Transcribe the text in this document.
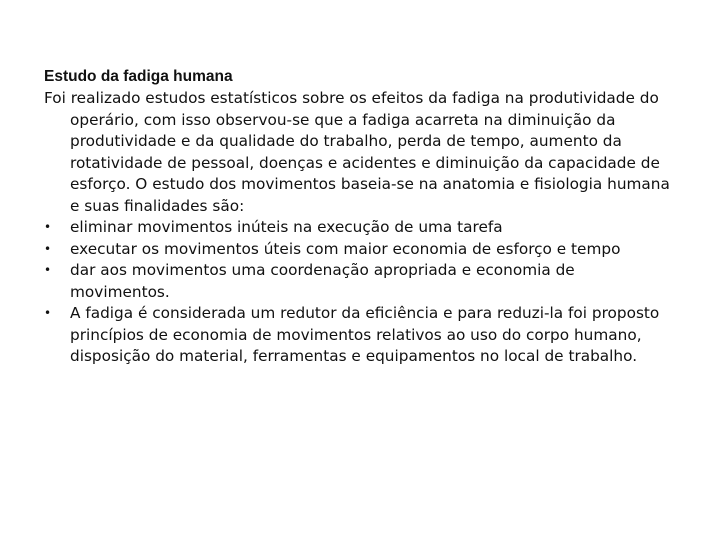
Estudo da fadiga humana

Foi realizado estudos estatísticos sobre os efeitos da fadiga na produtividade do operário, com isso observou-se que a fadiga acarreta na diminuição da produtividade e da qualidade do trabalho, perda de tempo, aumento da rotatividade de pessoal, doenças e acidentes e diminuição da capacidade de esforço. O estudo dos movimentos baseia-se na anatomia e fisiologia humana e suas finalidades são:

• eliminar movimentos inúteis na execução de uma tarefa
• executar os movimentos úteis com maior economia de esforço e tempo
• dar aos movimentos uma coordenação apropriada e economia de movimentos.
• A fadiga é considerada um redutor da eficiência e para reduzi-la foi proposto princípios de economia de movimentos relativos ao uso do corpo humano, disposição do material, ferramentas e equipamentos no local de trabalho.
